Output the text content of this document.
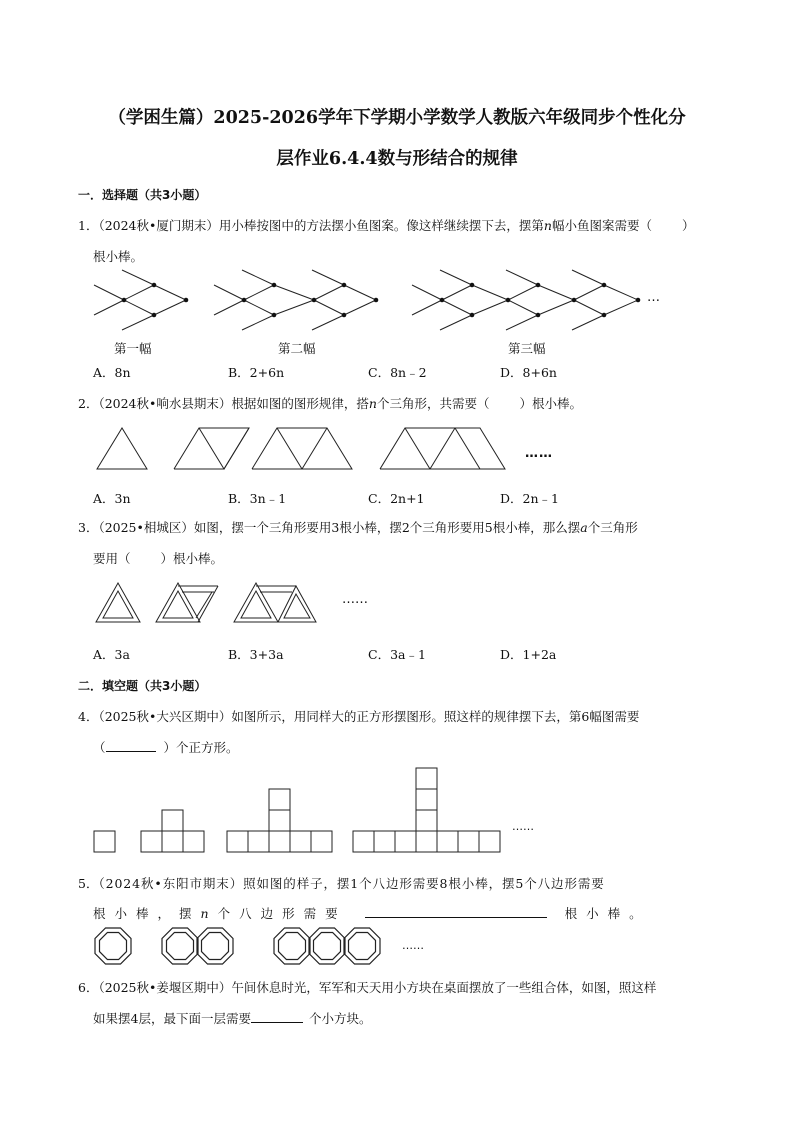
（学困生篇）2025-2026学年下学期小学数学人教版六年级同步个性化分
层作业6.4.4数与形结合的规律
一．选择题（共3小题）
1．（2024秋•厦门期末）用小棒按图中的方法摆小鱼图案。像这样继续摆下去，摆第n幅小鱼图案需要（ ）
根小棒。
…
第一幅	第二幅	第三幅
A．8n	B．2+6n	C．8n﹣2	D．8+6n
2．（2024秋•响水县期末）根据如图的图形规律，搭n个三角形，共需要（ ）根小棒。
……
A．3n	B．3n﹣1	C．2n+1	D．2n﹣1
3．（2025•相城区）如图，摆一个三角形要用3根小棒，摆2个三角形要用5根小棒，那么摆a个三角形
要用（ ）根小棒。
……
A．3a	B．3+3a	C．3a﹣1	D．1+2a
二．填空题（共3小题）
4．（2025秋•大兴区期中）如图所示，用同样大的正方形摆图形。照这样的规律摆下去，第6幅图需要
（	）个正方形。
……
5．（2024秋•东阳市期末）照如图的样子，摆1个八边形需要8根小棒，摆5个八边形需要
根小棒，摆n个八边形需要	根小棒。
……
6．（2025秋•姜堰区期中）午间休息时光，军军和天天用小方块在桌面摆放了一些组合体，如图，照这样
如果摆4层，最下面一层需要	个小方块。
